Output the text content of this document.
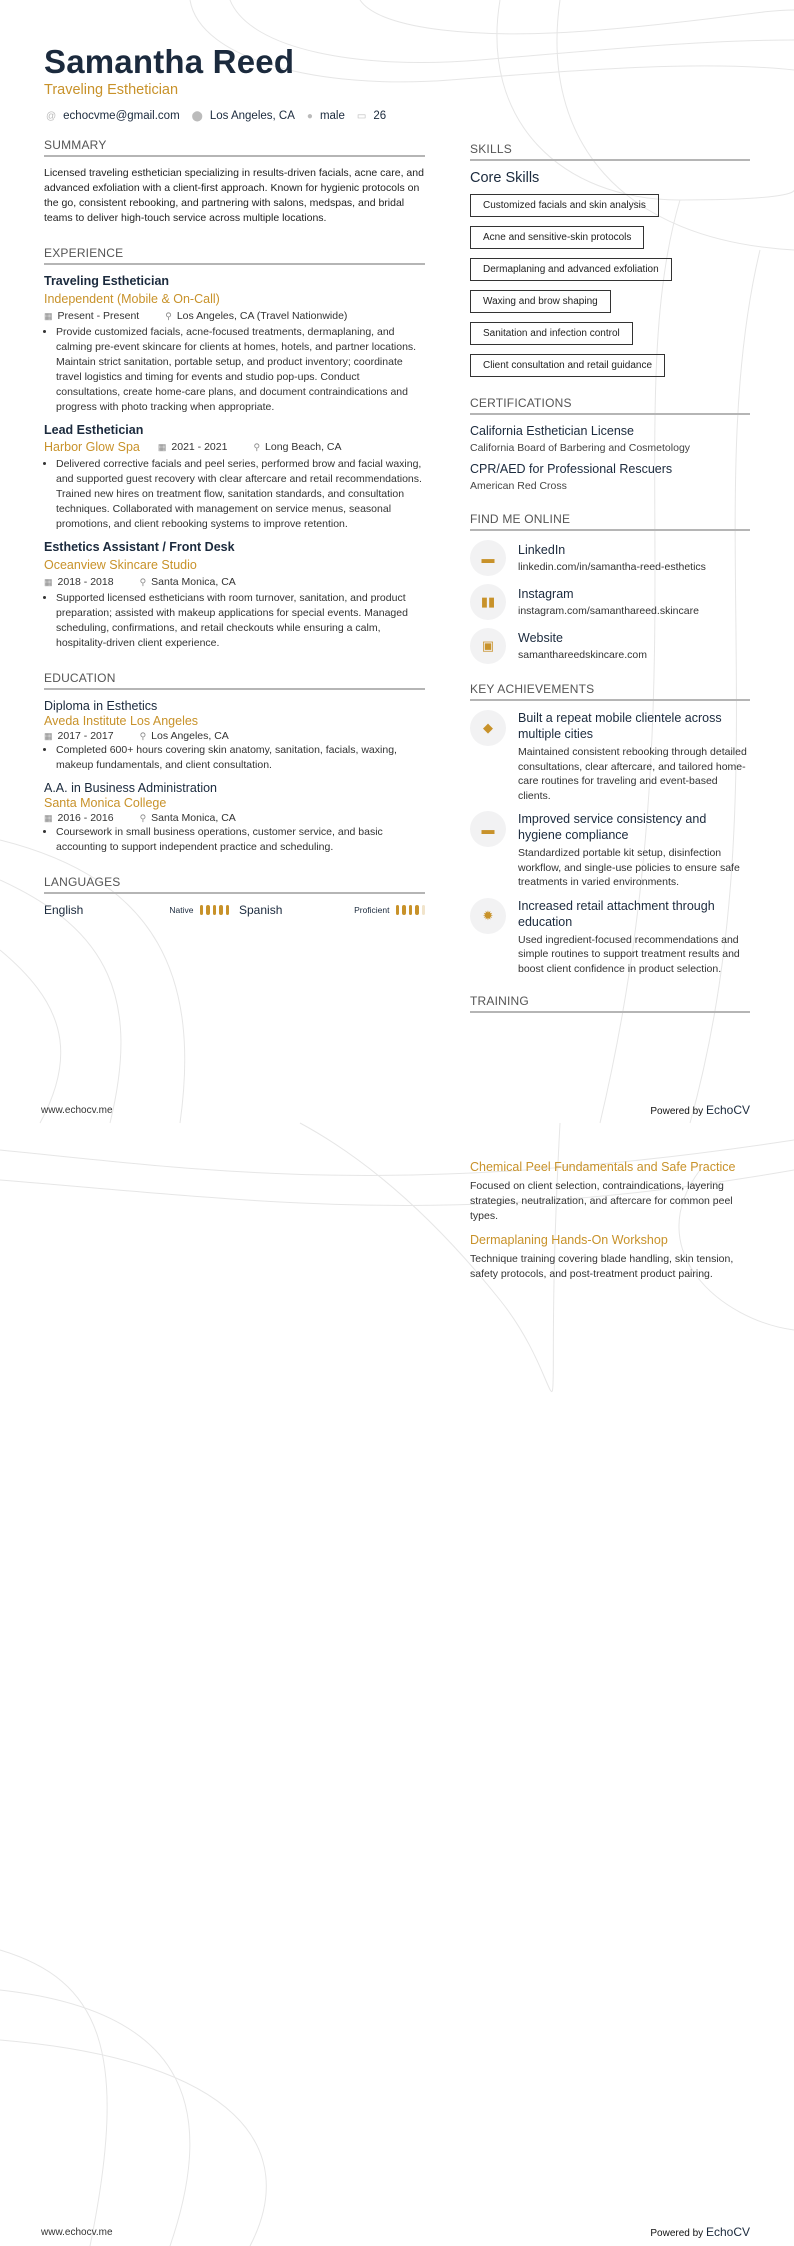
Samantha Reed
Traveling Esthetician
@ echocvme@gmail.com ⬤ Los Angeles, CA ● male ▭ 26
SUMMARY
Licensed traveling esthetician specializing in results-driven facials, acne care, and advanced exfoliation with a client-first approach. Known for hygienic protocols on the go, consistent rebooking, and partnering with salons, medspas, and bridal teams to deliver high-touch service across multiple locations.
EXPERIENCE
Traveling Esthetician
Independent (Mobile & On-Call)
▦ Present - Present	⚲ Los Angeles, CA (Travel Nationwide)
• Provide customized facials, acne-focused treatments, dermaplaning, and calming pre-event skincare for clients at homes, hotels, and partner locations. Maintain strict sanitation, portable setup, and product inventory; coordinate travel logistics and timing for events and studio pop-ups. Conduct consultations, create home-care plans, and document contraindications and progress with photo tracking when appropriate.
Lead Esthetician
Harbor Glow Spa ▦ 2021 - 2021	⚲ Long Beach, CA
• Delivered corrective facials and peel series, performed brow and facial waxing, and supported guest recovery with clear aftercare and retail recommendations. Trained new hires on treatment flow, sanitation standards, and consultation techniques. Collaborated with management on service menus, seasonal promotions, and client rebooking systems to improve retention.
Esthetics Assistant / Front Desk
Oceanview Skincare Studio
▦ 2018 - 2018	⚲ Santa Monica, CA
• Supported licensed estheticians with room turnover, sanitation, and product preparation; assisted with makeup applications for special events. Managed scheduling, confirmations, and retail checkouts while ensuring a calm, hospitality-driven client experience.
EDUCATION
Diploma in Esthetics
Aveda Institute Los Angeles
▦ 2017 - 2017	⚲ Los Angeles, CA
• Completed 600+ hours covering skin anatomy, sanitation, facials, waxing, makeup fundamentals, and client consultation.
A.A. in Business Administration
Santa Monica College
▦ 2016 - 2016	⚲ Santa Monica, CA
• Coursework in small business operations, customer service, and basic accounting to support independent practice and scheduling.
LANGUAGES
English	Native	Spanish	Proficient
SKILLS
Core Skills
Customized facials and skin analysis
Acne and sensitive-skin protocols
Dermaplaning and advanced exfoliation
Waxing and brow shaping
Sanitation and infection control
Client consultation and retail guidance
CERTIFICATIONS
California Esthetician License
California Board of Barbering and Cosmetology
CPR/AED for Professional Rescuers
American Red Cross
FIND ME ONLINE
▬
LinkedIn
linkedin.com/in/samantha-reed-esthetics
▮▮	Instagram
instagram.com/samanthareed.skincare
▣	Website
samanthareedskincare.com
KEY ACHIEVEMENTS
◆
Built a repeat mobile clientele across multiple cities
Maintained consistent rebooking through detailed consultations, clear aftercare, and tailored home-care routines for traveling and event-based clients.
▬
Improved service consistency and hygiene compliance
Standardized portable kit setup, disinfection workflow, and single-use policies to ensure safe treatments in varied environments.
✹
Increased retail attachment through education
Used ingredient-focused recommendations and simple routines to support treatment results and boost client confidence in product selection.
TRAINING
www.echocv.me	Powered by EchoCV
Chemical Peel Fundamentals and Safe Practice
Focused on client selection, contraindications, layering strategies, neutralization, and aftercare for common peel types.
Dermaplaning Hands-On Workshop
Technique training covering blade handling, skin tension, safety protocols, and post-treatment product pairing.
www.echocv.me	Powered by EchoCV
